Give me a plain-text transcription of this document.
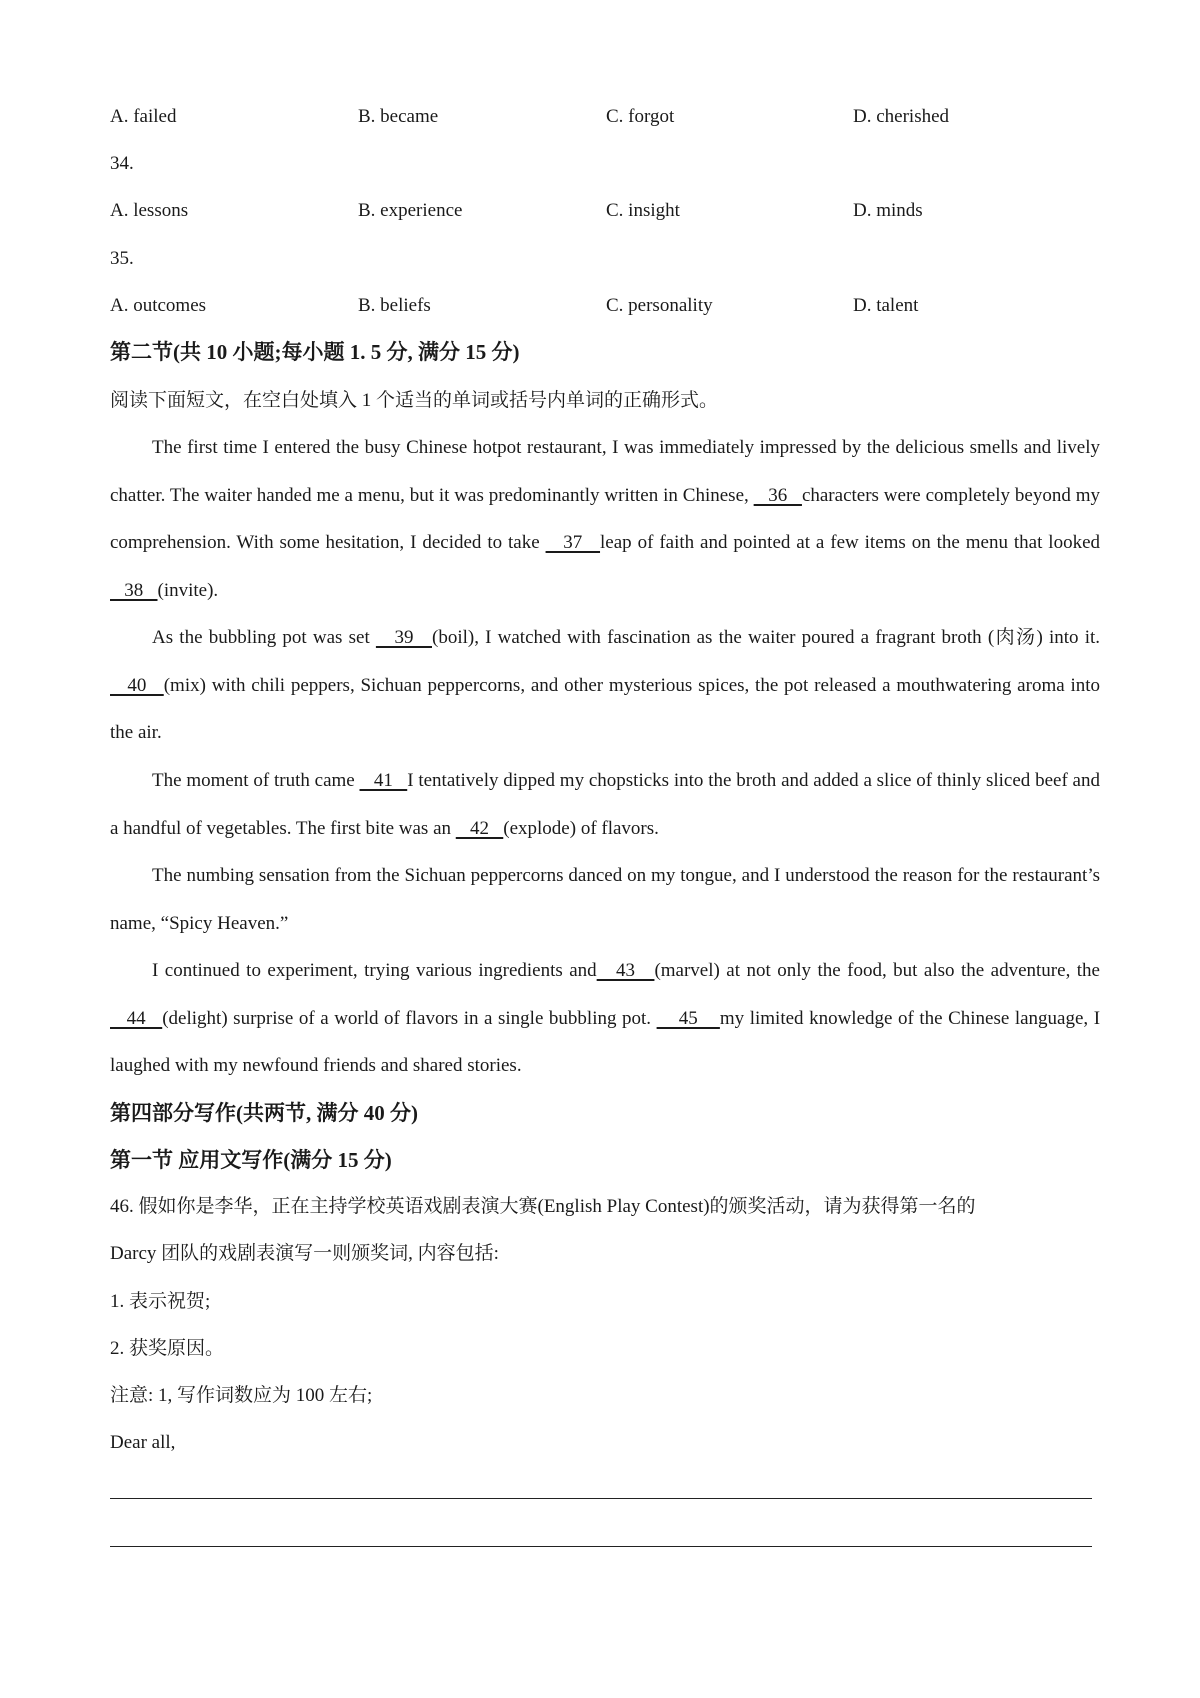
A. failed	B. became	C. forgot	D. cherished
34.
A. lessons	B. experience	C. insight	D. minds
35.
A. outcomes	B. beliefs	C. personality	D. talent
第二节(共 10 小题;每小题 1. 5 分, 满分 15 分)
阅读下面短文，在空白处填入 1 个适当的单词或括号内单词的正确形式。
The first time I entered the busy Chinese hotpot restaurant, I was immediately impressed by the delicious smells and lively chatter. The waiter handed me a menu, but it was predominantly written in Chinese,    36   characters were completely beyond my comprehension. With some hesitation, I decided to take    37   leap of faith and pointed at a few items on the menu that looked    38   (invite).
As the bubbling pot was set    39   (boil), I watched with fascination as the waiter poured a fragrant broth (肉汤) into it.    40   (mix) with chili peppers, Sichuan peppercorns, and other mysterious spices, the pot released a mouthwatering aroma into the air.
The moment of truth came    41   I tentatively dipped my chopsticks into the broth and added a slice of thinly sliced beef and a handful of vegetables. The first bite was an    42   (explode) of flavors.
The numbing sensation from the Sichuan peppercorns danced on my tongue, and I understood the reason for the restaurant’s name, “Spicy Heaven.”
I continued to experiment, trying various ingredients and   43   (marvel) at not only the food, but also the adventure, the   44   (delight) surprise of a world of flavors in a single bubbling pot.     45    my limited knowledge of the Chinese language, I laughed with my newfound friends and shared stories.
第四部分写作(共两节, 满分 40 分)
第一节 应用文写作(满分 15 分)
46. 假如你是李华，正在主持学校英语戏剧表演大赛(English Play Contest)的颁奖活动，请为获得第一名的
Darcy 团队的戏剧表演写一则颁奖词, 内容包括:
1. 表示祝贺;
2. 获奖原因。
注意: 1, 写作词数应为 100 左右;
Dear all,
